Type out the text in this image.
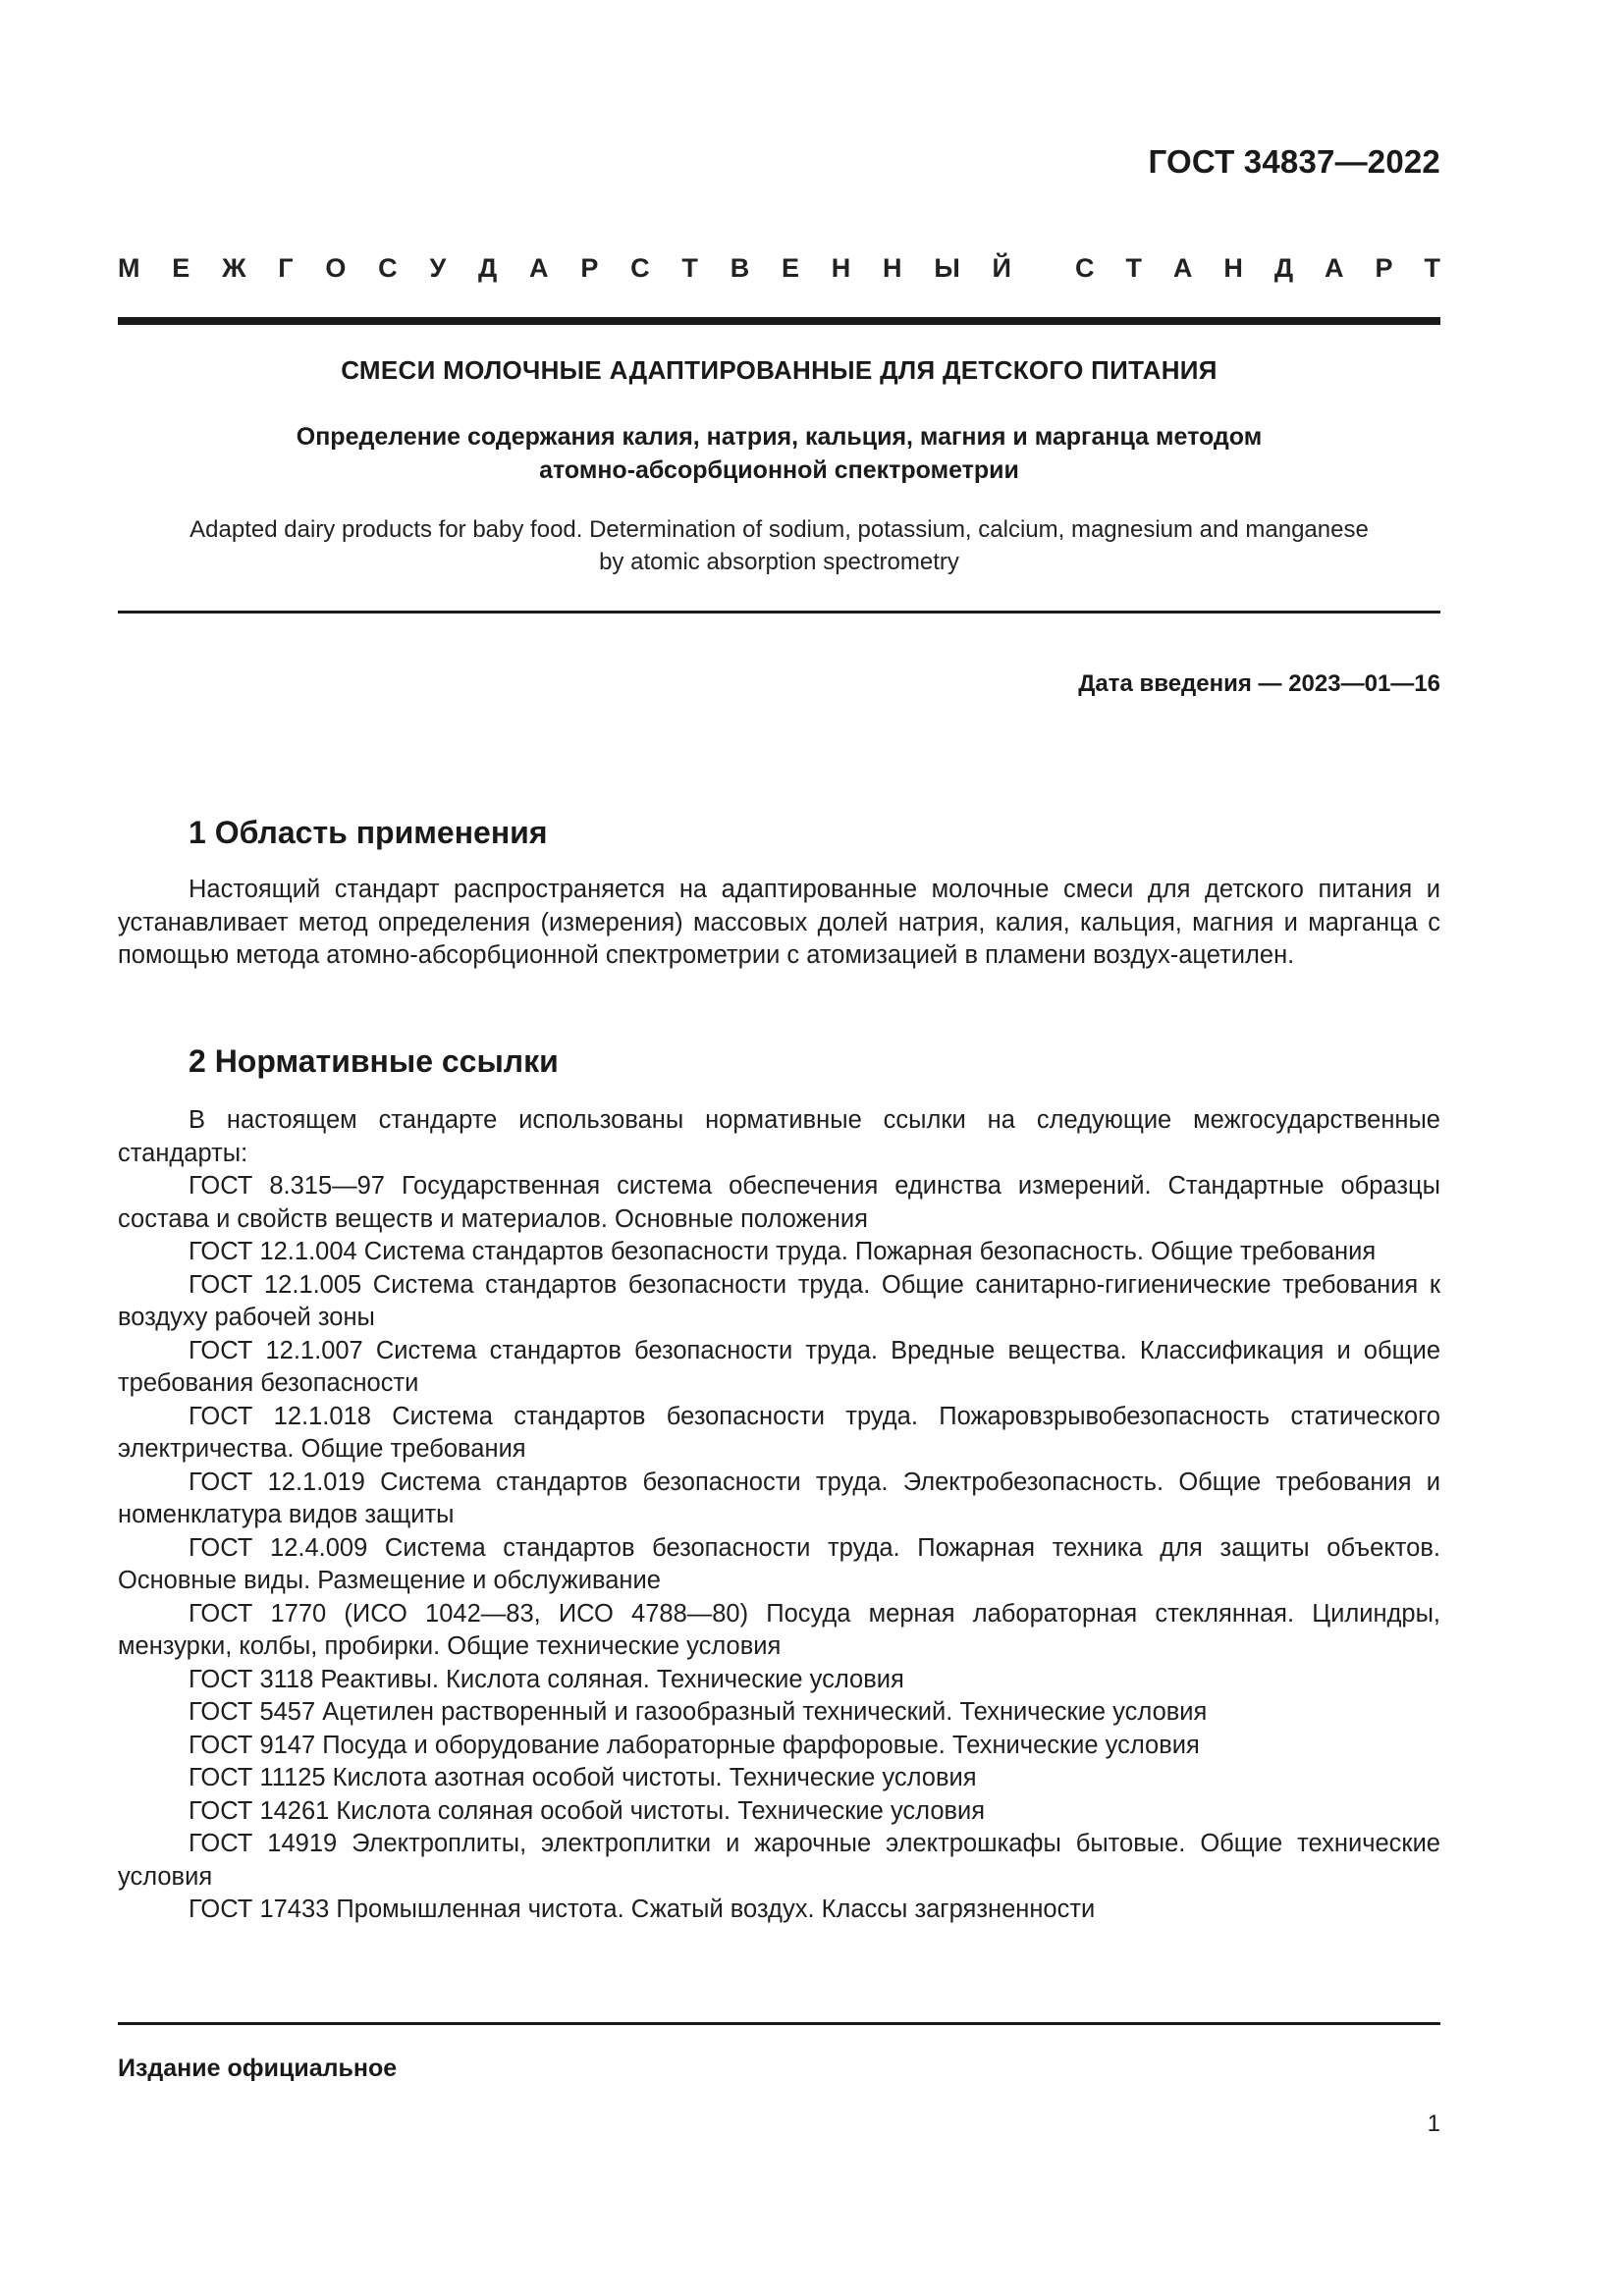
ГОСТ 34837—2022
М Е Ж Г О С У Д А Р С Т В Е Н Н Ы Й С Т А Н Д А Р Т
СМЕСИ МОЛОЧНЫЕ АДАПТИРОВАННЫЕ ДЛЯ ДЕТСКОГО ПИТАНИЯ
Определение содержания калия, натрия, кальция, магния и марганца методом
атомно-абсорбционной спектрометрии
Adapted dairy products for baby food. Determination of sodium, potassium, calcium, magnesium and manganese
by atomic absorption spectrometry
Дата введения — 2023—01—16
1 Область применения

Настоящий стандарт распространяется на адаптированные молочные смеси для детского питания и устанавливает метод определения (измерения) массовых долей натрия, калия, кальция, магния и марганца с помощью метода атомно-абсорбционной спектрометрии с атомизацией в пламени воздух-ацетилен.

2 Нормативные ссылки
В настоящем стандарте использованы нормативные ссылки на следующие межгосударственные стандарты:
ГОСТ 8.315—97 Государственная система обеспечения единства измерений. Стандартные образцы состава и свойств веществ и материалов. Основные положения
ГОСТ 12.1.004 Система стандартов безопасности труда. Пожарная безопасность. Общие требования
ГОСТ 12.1.005 Система стандартов безопасности труда. Общие санитарно-гигиенические требования к воздуху рабочей зоны
ГОСТ 12.1.007 Система стандартов безопасности труда. Вредные вещества. Классификация и общие требования безопасности
ГОСТ 12.1.018 Система стандартов безопасности труда. Пожаровзрывобезопасность статического электричества. Общие требования
ГОСТ 12.1.019 Система стандартов безопасности труда. Электробезопасность. Общие требования и номенклатура видов защиты
ГОСТ 12.4.009 Система стандартов безопасности труда. Пожарная техника для защиты объектов. Основные виды. Размещение и обслуживание
ГОСТ 1770 (ИСО 1042—83, ИСО 4788—80) Посуда мерная лабораторная стеклянная. Цилиндры, мензурки, колбы, пробирки. Общие технические условия
ГОСТ 3118 Реактивы. Кислота соляная. Технические условия
ГОСТ 5457 Ацетилен растворенный и газообразный технический. Технические условия
ГОСТ 9147 Посуда и оборудование лабораторные фарфоровые. Технические условия
ГОСТ 11125 Кислота азотная особой чистоты. Технические условия
ГОСТ 14261 Кислота соляная особой чистоты. Технические условия
ГОСТ 14919 Электроплиты, электроплитки и жарочные электрошкафы бытовые. Общие технические условия
ГОСТ 17433 Промышленная чистота. Сжатый воздух. Классы загрязненности
Издание официальное
1
